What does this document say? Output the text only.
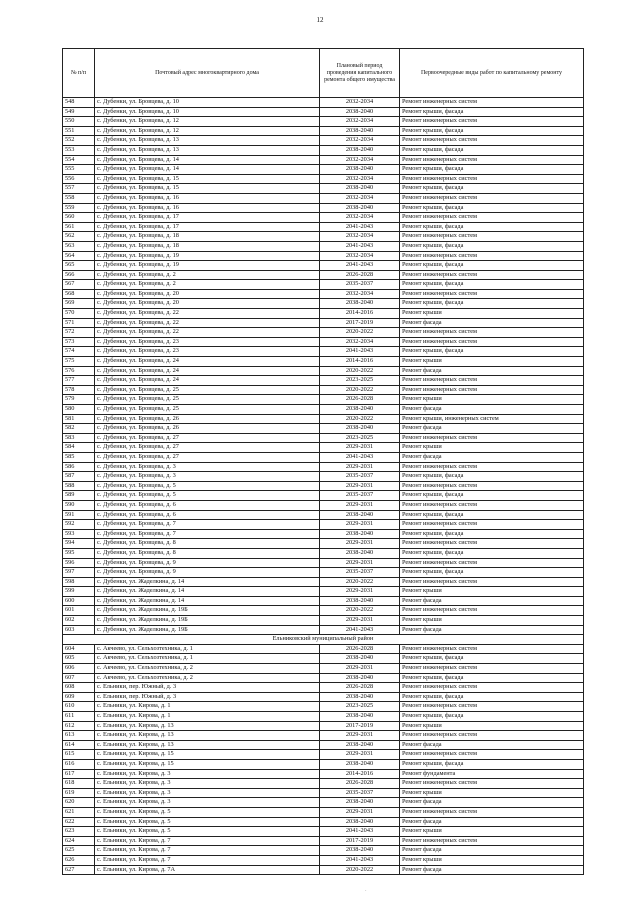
12
№ п/п	Почтовый адрес многоквартирного дома	Плановый период проведения капитального ремонта общего имущества	Первоочередные виды работ по капитальному ремонту
548	с. Дубенки, ул. Бровцева, д. 10	2032-2034	Ремонт инженерных систем
549	с. Дубенки, ул. Бровцева, д. 10	2038-2040	Ремонт крыши, фасада
550	с. Дубенки, ул. Бровцева, д. 12	2032-2034	Ремонт инженерных систем
551	с. Дубенки, ул. Бровцева, д. 12	2038-2040	Ремонт крыши, фасада
552	с. Дубенки, ул. Бровцева, д. 13	2032-2034	Ремонт инженерных систем
553	с. Дубенки, ул. Бровцева, д. 13	2038-2040	Ремонт крыши, фасада
554	с. Дубенки, ул. Бровцева, д. 14	2032-2034	Ремонт инженерных систем
555	с. Дубенки, ул. Бровцева, д. 14	2038-2040	Ремонт крыши, фасада
556	с. Дубенки, ул. Бровцева, д. 15	2032-2034	Ремонт инженерных систем
557	с. Дубенки, ул. Бровцева, д. 15	2038-2040	Ремонт крыши, фасада
558	с. Дубенки, ул. Бровцева, д. 16	2032-2034	Ремонт инженерных систем
559	с. Дубенки, ул. Бровцева, д. 16	2038-2040	Ремонт крыши, фасада
560	с. Дубенки, ул. Бровцева, д. 17	2032-2034	Ремонт инженерных систем
561	с. Дубенки, ул. Бровцева, д. 17	2041-2043	Ремонт крыши, фасада
562	с. Дубенки, ул. Бровцева, д. 18	2032-2034	Ремонт инженерных систем
563	с. Дубенки, ул. Бровцева, д. 18	2041-2043	Ремонт крыши, фасада
564	с. Дубенки, ул. Бровцева, д. 19	2032-2034	Ремонт инженерных систем
565	с. Дубенки, ул. Бровцева, д. 19	2041-2043	Ремонт крыши, фасада
566	с. Дубенки, ул. Бровцева, д. 2	2026-2028	Ремонт инженерных систем
567	с. Дубенки, ул. Бровцева, д. 2	2035-2037	Ремонт крыши, фасада
568	с. Дубенки, ул. Бровцева, д. 20	2032-2034	Ремонт инженерных систем
569	с. Дубенки, ул. Бровцева, д. 20	2038-2040	Ремонт крыши, фасада
570	с. Дубенки, ул. Бровцева, д. 22	2014-2016	Ремонт крыши
571	с. Дубенки, ул. Бровцева, д. 22	2017-2019	Ремонт фасада
572	с. Дубенки, ул. Бровцева, д. 22	2020-2022	Ремонт инженерных систем
573	с. Дубенки, ул. Бровцева, д. 23	2032-2034	Ремонт инженерных систем
574	с. Дубенки, ул. Бровцева, д. 23	2041-2043	Ремонт крыши, фасада
575	с. Дубенки, ул. Бровцева, д. 24	2014-2016	Ремонт крыши
576	с. Дубенки, ул. Бровцева, д. 24	2020-2022	Ремонт фасада
577	с. Дубенки, ул. Бровцева, д. 24	2023-2025	Ремонт инженерных систем
578	с. Дубенки, ул. Бровцева, д. 25	2020-2022	Ремонт инженерных систем
579	с. Дубенки, ул. Бровцева, д. 25	2026-2028	Ремонт крыши
580	с. Дубенки, ул. Бровцева, д. 25	2038-2040	Ремонт фасада
581	с. Дубенки, ул. Бровцева, д. 26	2020-2022	Ремонт крыши, инженерных систем
582	с. Дубенки, ул. Бровцева, д. 26	2038-2040	Ремонт фасада
583	с. Дубенки, ул. Бровцева, д. 27	2023-2025	Ремонт инженерных систем
584	с. Дубенки, ул. Бровцева, д. 27	2029-2031	Ремонт крыши
585	с. Дубенки, ул. Бровцева, д. 27	2041-2043	Ремонт фасада
586	с. Дубенки, ул. Бровцева, д. 3	2029-2031	Ремонт инженерных систем
587	с. Дубенки, ул. Бровцева, д. 3	2035-2037	Ремонт крыши, фасада
588	с. Дубенки, ул. Бровцева, д. 5	2029-2031	Ремонт инженерных систем
589	с. Дубенки, ул. Бровцева, д. 5	2035-2037	Ремонт крыши, фасада
590	с. Дубенки, ул. Бровцева, д. 6	2029-2031	Ремонт инженерных систем
591	с. Дубенки, ул. Бровцева, д. 6	2038-2040	Ремонт крыши, фасада
592	с. Дубенки, ул. Бровцева, д. 7	2029-2031	Ремонт инженерных систем
593	с. Дубенки, ул. Бровцева, д. 7	2038-2040	Ремонт крыши, фасада
594	с. Дубенки, ул. Бровцева, д. 8	2029-2031	Ремонт инженерных систем
595	с. Дубенки, ул. Бровцева, д. 8	2038-2040	Ремонт крыши, фасада
596	с. Дубенки, ул. Бровцева, д. 9	2029-2031	Ремонт инженерных систем
597	с. Дубенки, ул. Бровцева, д. 9	2035-2037	Ремонт крыши, фасада
598	с. Дубенки, ул. Жаделкина, д. 14	2020-2022	Ремонт инженерных систем
599	с. Дубенки, ул. Жаделкина, д. 14	2029-2031	Ремонт крыши
600	с. Дубенки, ул. Жаделкина, д. 14	2038-2040	Ремонт фасада
601	с. Дубенки, ул. Жаделкина, д. 19Б	2020-2022	Ремонт инженерных систем
602	с. Дубенки, ул. Жаделкина, д. 19Б	2029-2031	Ремонт крыши
603	с. Дубенки, ул. Жаделкина, д. 19Б	2041-2043	Ремонт фасада
Ельниковский муниципальный район			
604	с. Акчеево, ул. Сельхозтехника, д. 1	2026-2028	Ремонт инженерных систем
605	с. Акчеево, ул. Сельхозтехника, д. 1	2038-2040	Ремонт крыши, фасада
606	с. Акчеево, ул. Сельхозтехника, д. 2	2029-2031	Ремонт инженерных систем
607	с. Акчеево, ул. Сельхозтехника, д. 2	2038-2040	Ремонт крыши, фасада
608	с. Ельники, пер. Южный, д. 3	2026-2028	Ремонт инженерных систем
609	с. Ельники, пер. Южный, д. 3	2038-2040	Ремонт крыши, фасада
610	с. Ельники, ул. Кирова, д. 1	2023-2025	Ремонт инженерных систем
611	с. Ельники, ул. Кирова, д. 1	2038-2040	Ремонт крыши, фасада
612	с. Ельники, ул. Кирова, д. 13	2017-2019	Ремонт крыши
613	с. Ельники, ул. Кирова, д. 13	2029-2031	Ремонт инженерных систем
614	с. Ельники, ул. Кирова, д. 13	2038-2040	Ремонт фасада
615	с. Ельники, ул. Кирова, д. 15	2029-2031	Ремонт инженерных систем
616	с. Ельники, ул. Кирова, д. 15	2038-2040	Ремонт крыши, фасада
617	с. Ельники, ул. Кирова, д. 3	2014-2016	Ремонт фундамента
618	с. Ельники, ул. Кирова, д. 3	2026-2028	Ремонт инженерных систем
619	с. Ельники, ул. Кирова, д. 3	2035-2037	Ремонт крыши
620	с. Ельники, ул. Кирова, д. 3	2038-2040	Ремонт фасада
621	с. Ельники, ул. Кирова, д. 5	2029-2031	Ремонт инженерных систем
622	с. Ельники, ул. Кирова, д. 5	2038-2040	Ремонт фасада
623	с. Ельники, ул. Кирова, д. 5	2041-2043	Ремонт крыши
624	с. Ельники, ул. Кирова, д. 7	2017-2019	Ремонт инженерных систем
625	с. Ельники, ул. Кирова, д. 7	2038-2040	Ремонт фасада
626	с. Ельники, ул. Кирова, д. 7	2041-2043	Ремонт крыши
627	с. Ельники, ул. Кирова, д. 7А	2020-2022	Ремонт фасада
·
